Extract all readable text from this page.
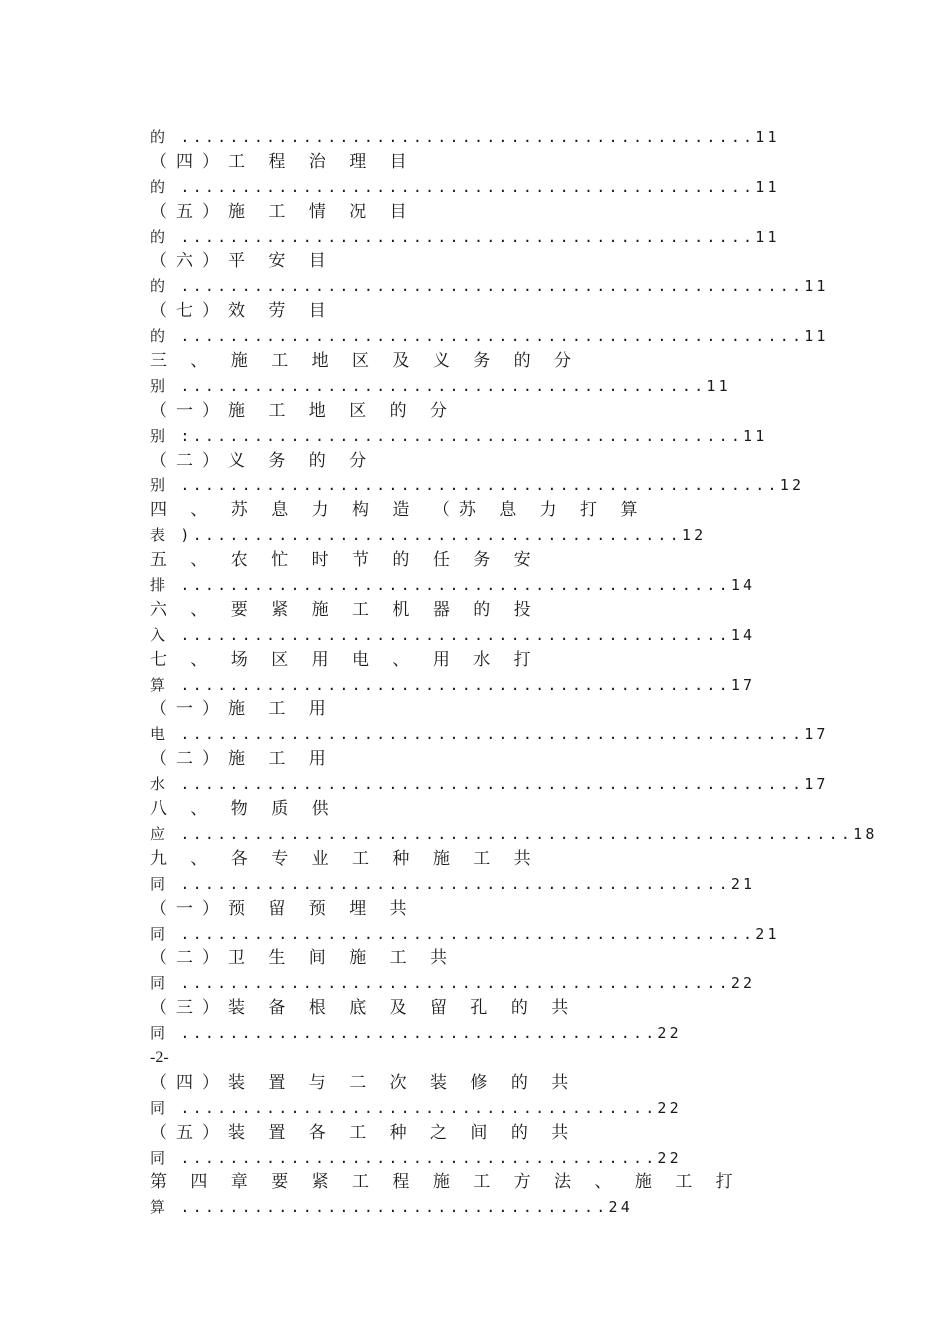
的 ...............................................11
（四）工 程 治 理 目
的 ...............................................11
（五）施 工 情 况 目
的 ...............................................11
（六）平 安 目
的 ...................................................11
（七）效 劳 目
的 ...................................................11
三 、 施 工 地 区 及 义 务 的 分
别 ...........................................11
（一）施 工 地 区 的 分
别 :.............................................11
（二）义 务 的 分
别 .................................................12
四 、 苏 息 力 构 造 （苏 息 力 打 算
表 )........................................12
五 、 农 忙 时 节 的 任 务 安
排 .............................................14
六 、 要 紧 施 工 机 器 的 投
入 .............................................14
七 、 场 区 用 电 、 用 水 打
算 .............................................17
（一）施 工 用
电 ...................................................17
（二）施 工 用
水 ...................................................17
八 、 物 质 供
应 .......................................................18
九 、 各 专 业 工 种 施 工 共
同 .............................................21
（一）预 留 预 埋 共
同 ...............................................21
（二）卫 生 间 施 工 共
同 .............................................22
（三）装 备 根 底 及 留 孔 的 共
同 .......................................22
-2-
（四）装 置 与 二 次 装 修 的 共
同 .......................................22
（五）装 置 各 工 种 之 间 的 共
同 .......................................22
第 四 章 要 紧 工 程 施 工 方 法 、 施 工 打
算 ...................................24
